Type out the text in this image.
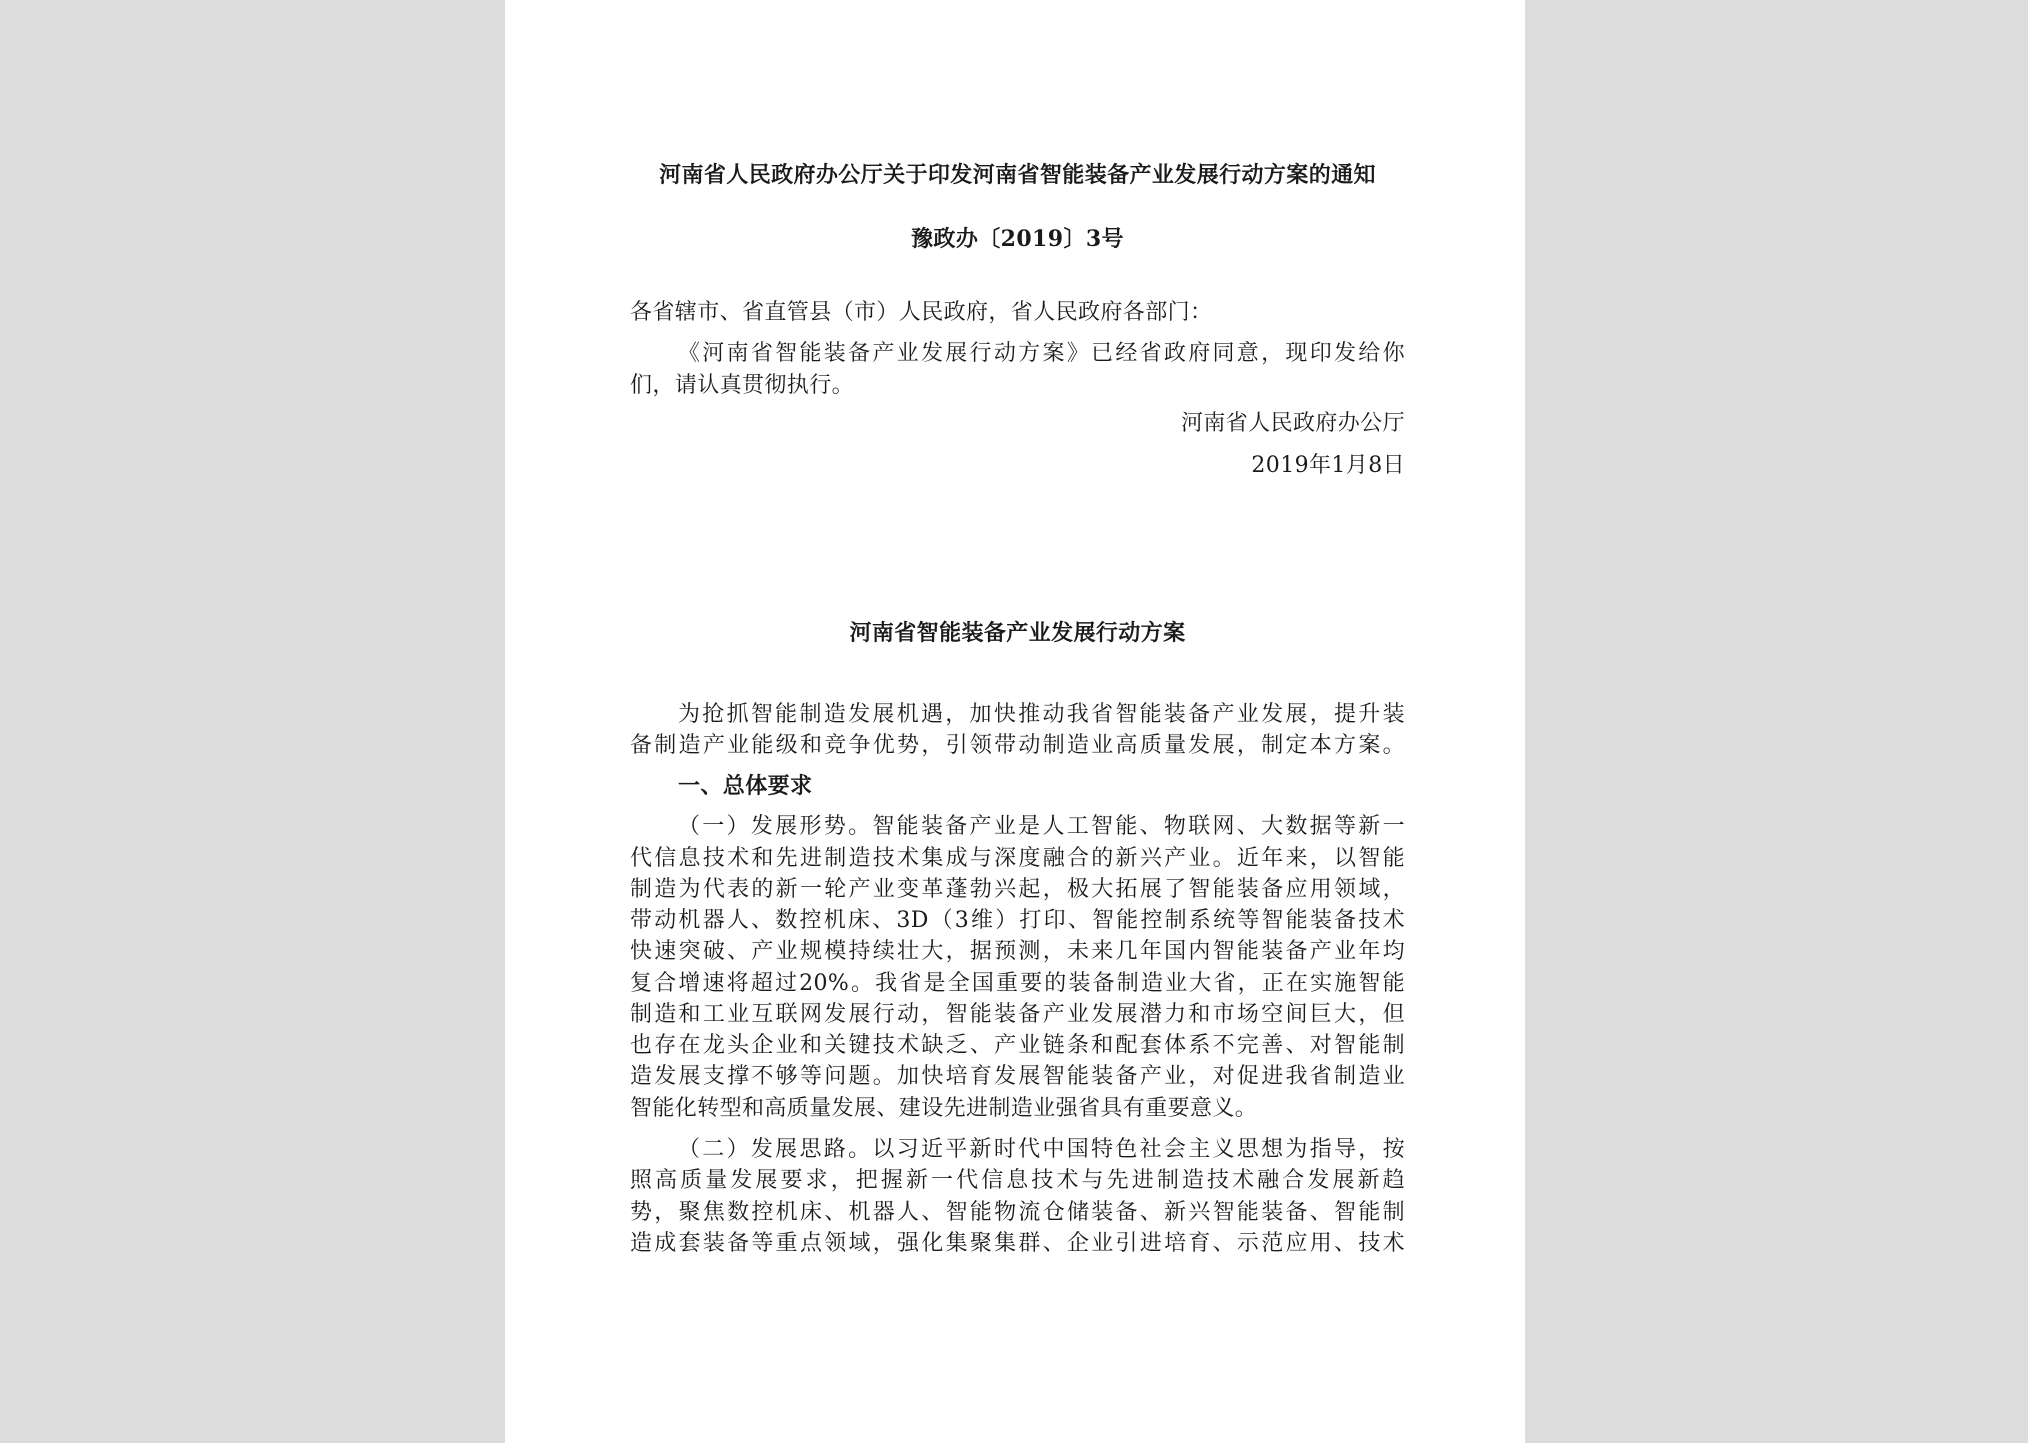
河南省人民政府办公厅关于印发河南省智能装备产业发展行动方案的通知
豫政办〔2019〕3号
各省辖市、省直管县（市）人民政府，省人民政府各部门：
《河南省智能装备产业发展行动方案》已经省政府同意，现印发给你
们，请认真贯彻执行。
河南省人民政府办公厅
2019年1月8日
河南省智能装备产业发展行动方案
为抢抓智能制造发展机遇，加快推动我省智能装备产业发展，提升装
备制造产业能级和竞争优势，引领带动制造业高质量发展，制定本方案。
一、总体要求
（一）发展形势。智能装备产业是人工智能、物联网、大数据等新一
代信息技术和先进制造技术集成与深度融合的新兴产业。近年来，以智能
制造为代表的新一轮产业变革蓬勃兴起，极大拓展了智能装备应用领域，
带动机器人、数控机床、3D（3维）打印、智能控制系统等智能装备技术
快速突破、产业规模持续壮大，据预测，未来几年国内智能装备产业年均
复合增速将超过20%。我省是全国重要的装备制造业大省，正在实施智能
制造和工业互联网发展行动，智能装备产业发展潜力和市场空间巨大，但
也存在龙头企业和关键技术缺乏、产业链条和配套体系不完善、对智能制
造发展支撑不够等问题。加快培育发展智能装备产业，对促进我省制造业
智能化转型和高质量发展、建设先进制造业强省具有重要意义。
（二）发展思路。以习近平新时代中国特色社会主义思想为指导，按
照高质量发展要求，把握新一代信息技术与先进制造技术融合发展新趋
势，聚焦数控机床、机器人、智能物流仓储装备、新兴智能装备、智能制
造成套装备等重点领域，强化集聚集群、企业引进培育、示范应用、技术
